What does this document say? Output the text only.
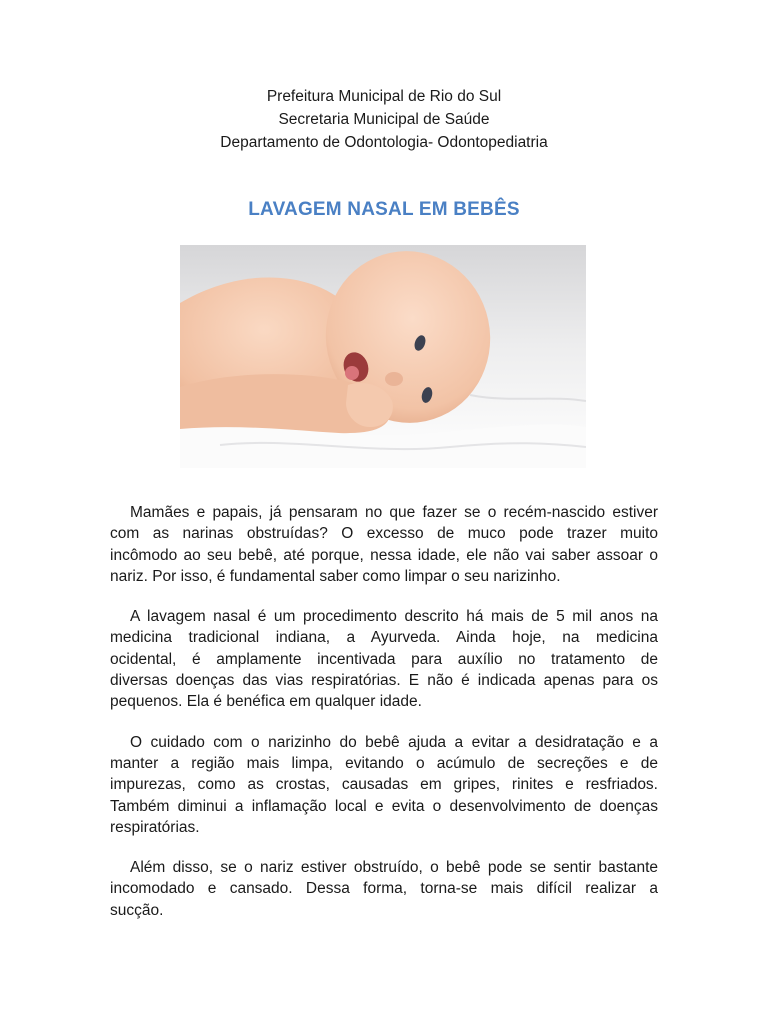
Prefeitura Municipal de Rio do Sul
Secretaria Municipal de Saúde
Departamento de Odontologia- Odontopediatria
LAVAGEM NASAL EM BEBÊS

Mamães e papais, já pensaram no que fazer se o recém-nascido estiver
com as narinas obstruídas? O excesso de muco pode trazer muito
incômodo ao seu bebê, até porque, nessa idade, ele não vai saber assoar o
nariz. Por isso, é fundamental saber como limpar o seu narizinho.

A lavagem nasal é um procedimento descrito há mais de 5 mil anos na
medicina tradicional indiana, a Ayurveda. Ainda hoje, na medicina
ocidental, é amplamente incentivada para auxílio no tratamento de
diversas doenças das vias respiratórias. E não é indicada apenas para os
pequenos. Ela é benéfica em qualquer idade.

O cuidado com o narizinho do bebê ajuda a evitar a desidratação e a
manter a região mais limpa, evitando o acúmulo de secreções e de
impurezas, como as crostas, causadas em gripes, rinites e resfriados.
Também diminui a inflamação local e evita o desenvolvimento de doenças
respiratórias.

Além disso, se o nariz estiver obstruído, o bebê pode se sentir bastante
incomodado e cansado. Dessa forma, torna-se mais difícil realizar a
sucção.
